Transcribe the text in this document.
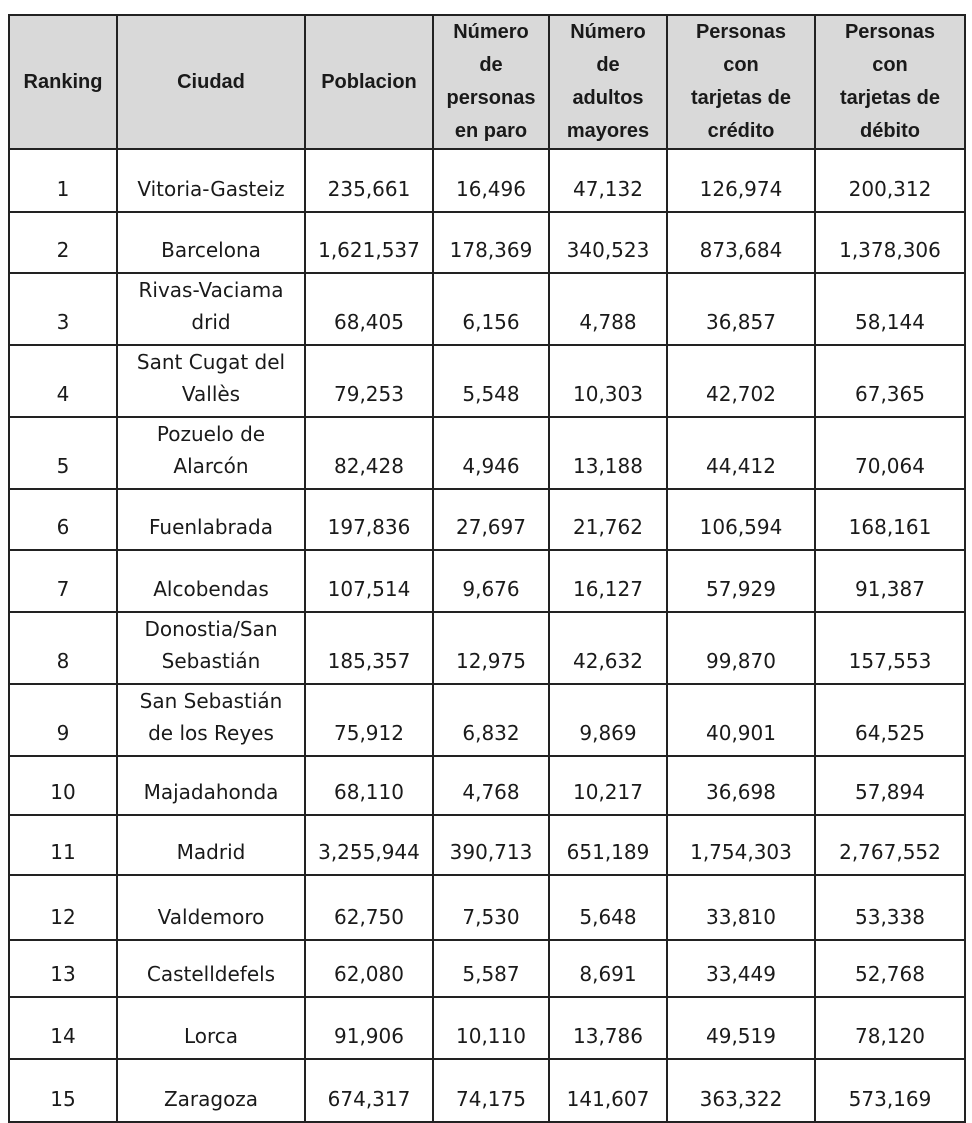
Ranking	Ciudad	Poblacion	Número
de
personas
en paro	Número
de
adultos
mayores	Personas
con
tarjetas de
crédito	Personas
con
tarjetas de
débito

1	Vitoria-Gasteiz	235,661	16,496	47,132	126,974	200,312
2	Barcelona	1,621,537	178,369	340,523	873,684	1,378,306
3	Rivas-Vaciama
drid	68,405	6,156	4,788	36,857	58,144
4	Sant Cugat del
Vallès	79,253	5,548	10,303	42,702	67,365
5	Pozuelo de
Alarcón	82,428	4,946	13,188	44,412	70,064
6	Fuenlabrada	197,836	27,697	21,762	106,594	168,161
7	Alcobendas	107,514	9,676	16,127	57,929	91,387
8	Donostia/San
Sebastián	185,357	12,975	42,632	99,870	157,553
9	San Sebastián
de los Reyes	75,912	6,832	9,869	40,901	64,525
10	Majadahonda	68,110	4,768	10,217	36,698	57,894
11	Madrid	3,255,944	390,713	651,189	1,754,303	2,767,552
12	Valdemoro	62,750	7,530	5,648	33,810	53,338
13	Castelldefels	62,080	5,587	8,691	33,449	52,768
14	Lorca	91,906	10,110	13,786	49,519	78,120
15	Zaragoza	674,317	74,175	141,607	363,322	573,169
